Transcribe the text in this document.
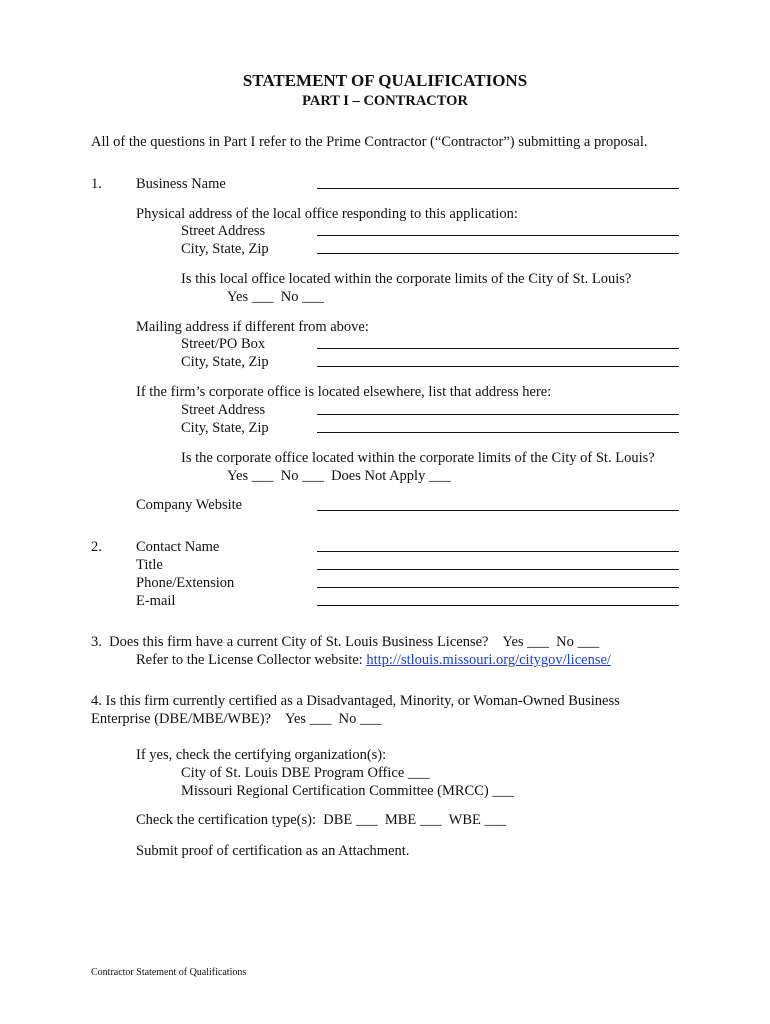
STATEMENT OF QUALIFICATIONS
PART I – CONTRACTOR
All of the questions in Part I refer to the Prime Contractor (“Contractor”) submitting a proposal.
1. Business Name
Physical address of the local office responding to this application:
Street Address
City, State, Zip
Is this local office located within the corporate limits of the City of St. Louis?
Yes ___  No ___
Mailing address if different from above:
Street/PO Box
City, State, Zip
If the firm’s corporate office is located elsewhere, list that address here:
Street Address
City, State, Zip
Is the corporate office located within the corporate limits of the City of St. Louis?
Yes ___  No ___  Does Not Apply ___
Company Website
2. Contact Name
Title
Phone/Extension
E-mail
3.  Does this firm have a current City of St. Louis Business License?    Yes ___  No ___
Refer to the License Collector website: http://stlouis.missouri.org/citygov/license/
4. Is this firm currently certified as a Disadvantaged, Minority, or Woman-Owned Business
Enterprise (DBE/MBE/WBE)?    Yes ___  No ___
If yes, check the certifying organization(s):
City of St. Louis DBE Program Office ___
Missouri Regional Certification Committee (MRCC) ___
Check the certification type(s):  DBE ___  MBE ___  WBE ___
Submit proof of certification as an Attachment.
Contractor Statement of Qualifications
